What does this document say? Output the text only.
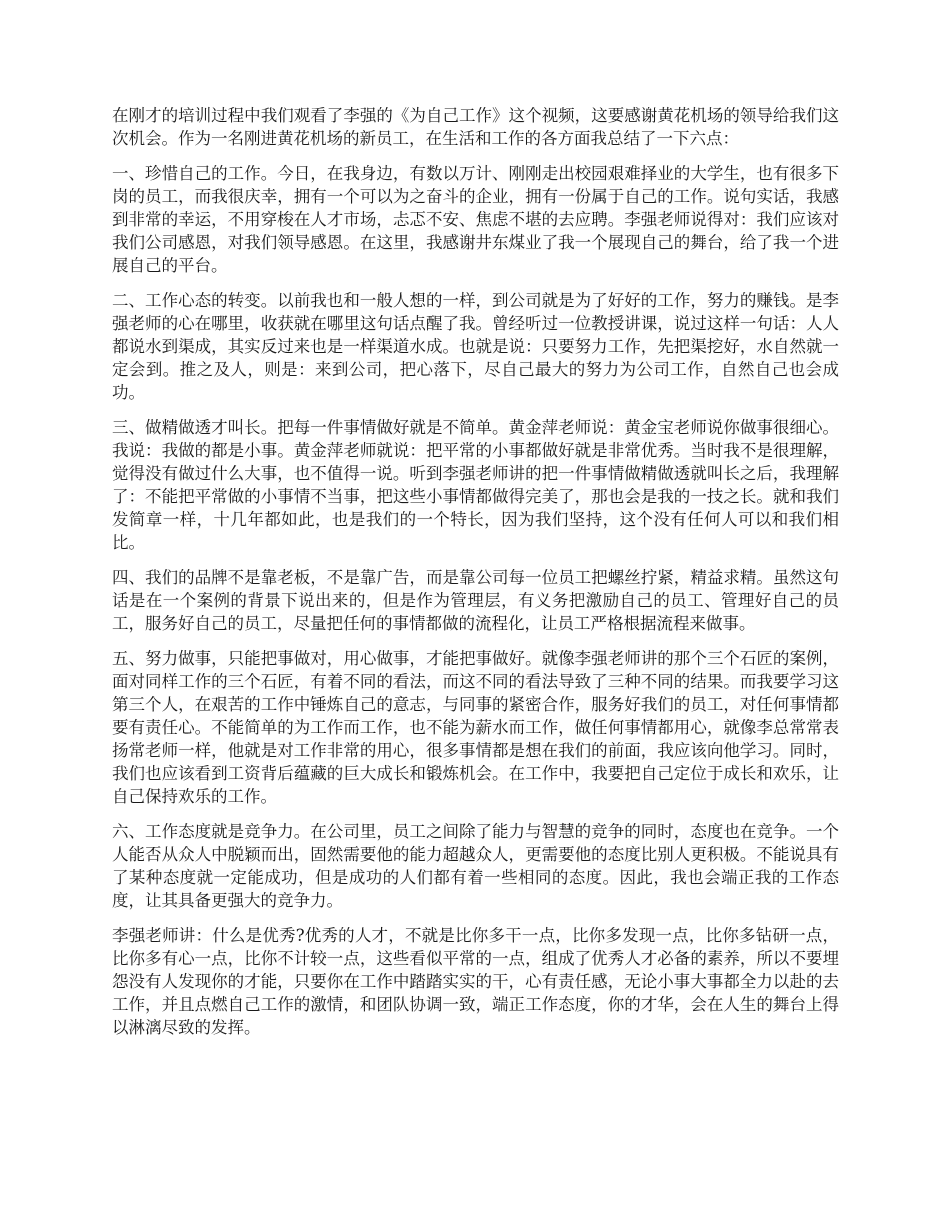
在刚才的培训过程中我们观看了李强的《为自己工作》这个视频，这要感谢黄花机场的领导给我们这次机会。作为一名刚进黄花机场的新员工，在生活和工作的各方面我总结了一下六点：

一、珍惜自己的工作。今日，在我身边，有数以万计、刚刚走出校园艰难择业的大学生，也有很多下岗的员工，而我很庆幸，拥有一个可以为之奋斗的企业，拥有一份属于自己的工作。说句实话，我感到非常的幸运，不用穿梭在人才市场，忐忑不安、焦虑不堪的去应聘。李强老师说得对：我们应该对我们公司感恩，对我们领导感恩。在这里，我感谢井东煤业了我一个展现自己的舞台，给了我一个进展自己的平台。

二、工作心态的转变。以前我也和一般人想的一样，到公司就是为了好好的工作，努力的赚钱。是李强老师的心在哪里，收获就在哪里这句话点醒了我。曾经听过一位教授讲课，说过这样一句话：人人都说水到渠成，其实反过来也是一样渠道水成。也就是说：只要努力工作，先把渠挖好，水自然就一定会到。推之及人，则是：来到公司，把心落下，尽自己最大的努力为公司工作，自然自己也会成功。

三、做精做透才叫长。把每一件事情做好就是不简单。黄金萍老师说：黄金宝老师说你做事很细心。我说：我做的都是小事。黄金萍老师就说：把平常的小事都做好就是非常优秀。当时我不是很理解，觉得没有做过什么大事，也不值得一说。听到李强老师讲的把一件事情做精做透就叫长之后，我理解了：不能把平常做的小事情不当事，把这些小事情都做得完美了，那也会是我的一技之长。就和我们发简章一样，十几年都如此，也是我们的一个特长，因为我们坚持，这个没有任何人可以和我们相比。

四、我们的品牌不是靠老板，不是靠广告，而是靠公司每一位员工把螺丝拧紧，精益求精。虽然这句话是在一个案例的背景下说出来的，但是作为管理层，有义务把激励自己的员工、管理好自己的员工，服务好自己的员工，尽量把任何的事情都做的流程化，让员工严格根据流程来做事。

五、努力做事，只能把事做对，用心做事，才能把事做好。就像李强老师讲的那个三个石匠的案例，面对同样工作的三个石匠，有着不同的看法，而这不同的看法导致了三种不同的结果。而我要学习这第三个人，在艰苦的工作中锤炼自己的意志，与同事的紧密合作，服务好我们的员工，对任何事情都要有责任心。不能简单的为工作而工作，也不能为薪水而工作，做任何事情都用心，就像李总常常表扬常老师一样，他就是对工作非常的用心，很多事情都是想在我们的前面，我应该向他学习。同时，我们也应该看到工资背后蕴藏的巨大成长和锻炼机会。在工作中，我要把自己定位于成长和欢乐，让自己保持欢乐的工作。

六、工作态度就是竞争力。在公司里，员工之间除了能力与智慧的竞争的同时，态度也在竞争。一个人能否从众人中脱颖而出，固然需要他的能力超越众人，更需要他的态度比别人更积极。不能说具有了某种态度就一定能成功，但是成功的人们都有着一些相同的态度。因此，我也会端正我的工作态度，让其具备更强大的竞争力。

李强老师讲：什么是优秀?优秀的人才，不就是比你多干一点，比你多发现一点，比你多钻研一点，比你多有心一点，比你不计较一点，这些看似平常的一点，组成了优秀人才必备的素养，所以不要埋怨没有人发现你的才能，只要你在工作中踏踏实实的干，心有责任感，无论小事大事都全力以赴的去工作，并且点燃自己工作的激情，和团队协调一致，端正工作态度，你的才华，会在人生的舞台上得以淋漓尽致的发挥。
